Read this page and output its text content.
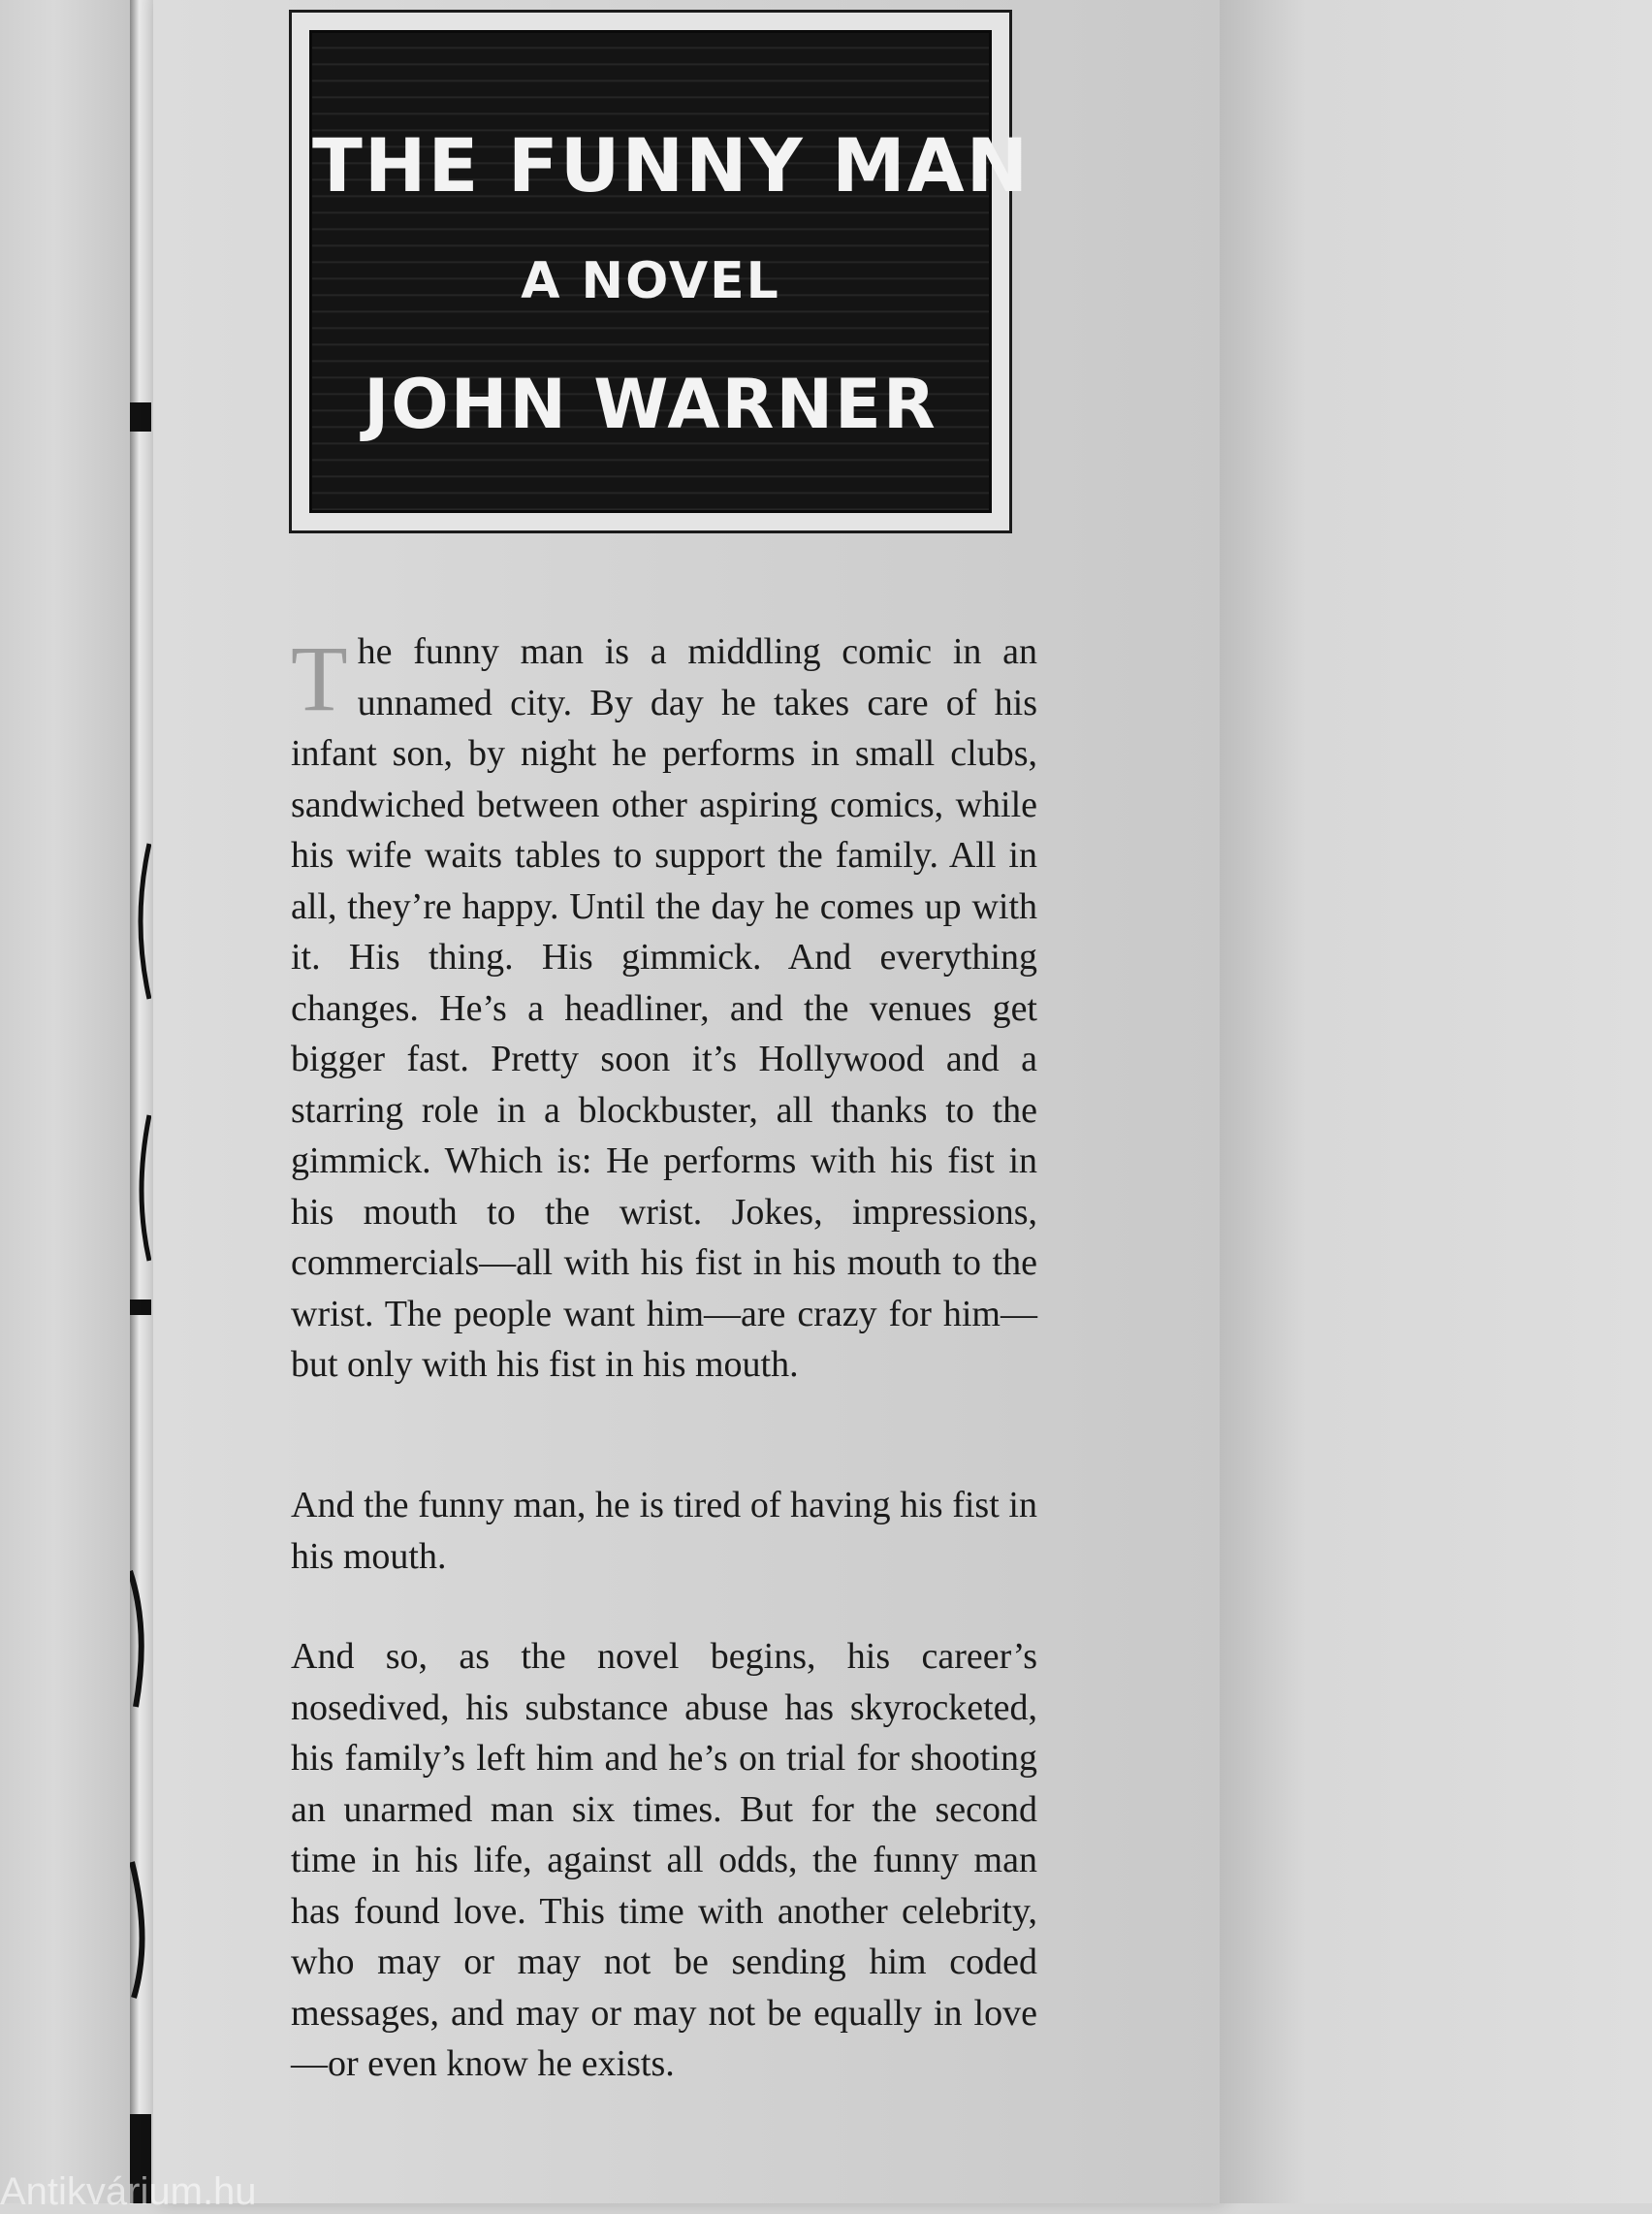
THE FUNNY MAN
A NOVEL
JOHN WARNER

The funny man is a middling comic in an unnamed city. By day he takes care of his infant son, by night he performs in small clubs, sandwiched between other aspiring comics, while his wife waits tables to support the family. All in all, they’re happy. Until the day he comes up with it. His thing. His gimmick. And everything changes. He’s a headliner, and the venues get bigger fast. Pretty soon it’s Hollywood and a starring role in a blockbuster, all thanks to the gimmick. Which is: He performs with his fist in his mouth to the wrist. Jokes, impressions, commercials—all with his fist in his mouth to the wrist. The people want him—are crazy for him—but only with his fist in his mouth.

And the funny man, he is tired of having his fist in his mouth.

And so, as the novel begins, his career’s nosedived, his substance abuse has skyrocketed, his family’s left him and he’s on trial for shooting an unarmed man six times. But for the second time in his life, against all odds, the funny man has found love. This time with another celebrity, who may or may not be sending him coded messages, and may or may not be equally in love—or even know he exists.

Antikvárium.hu
